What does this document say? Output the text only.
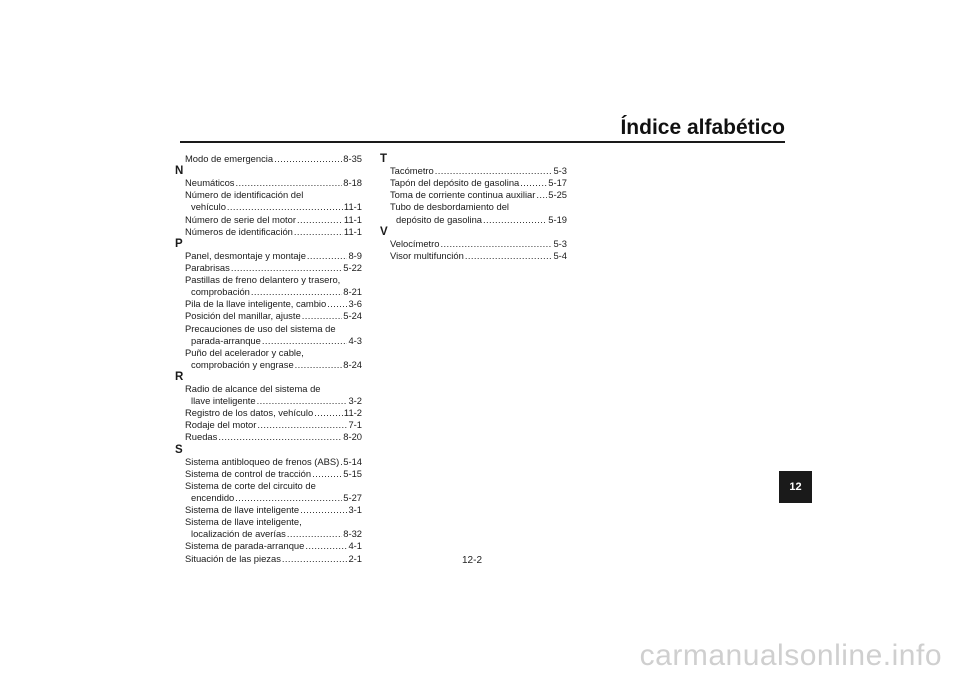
Índice alfabético
Modo de emergencia .....	8-35
N
Neumáticos .....	8-18
Número de identificación del
vehículo .....	11-1
Número de serie del motor .....	11-1
Números de identificación .....	11-1
P
Panel, desmontaje y montaje .....	8-9
Parabrisas .....	5-22
Pastillas de freno delantero y trasero,
comprobación .....	8-21
Pila de la llave inteligente, cambio ..... 3-6
Posición del manillar, ajuste .....	5-24
Precauciones de uso del sistema de
parada-arranque .....	4-3
Puño del acelerador y cable,
comprobación y engrase .....	8-24
R
Radio de alcance del sistema de
llave inteligente .....	3-2
Registro de los datos, vehículo .....	11-2
Rodaje del motor .....	7-1
Ruedas .....	8-20
S
Sistema antibloqueo de frenos (ABS) ..... 5-14
Sistema de control de tracción .....	5-15
Sistema de corte del circuito de
encendido .....	5-27
Sistema de llave inteligente .....	3-1
Sistema de llave inteligente,
localización de averías .....	8-32
Sistema de parada-arranque .....	4-1
Situación de las piezas .....	2-1
T
Tacómetro .....	5-3
Tapón del depósito de gasolina .....	5-17
Toma de corriente continua auxiliar ..... 5-25
Tubo de desbordamiento del
depósito de gasolina .....	5-19
V
Velocímetro .....	5-3
Visor multifunción .....	5-4
12
12-2
carmanualsonline.info
